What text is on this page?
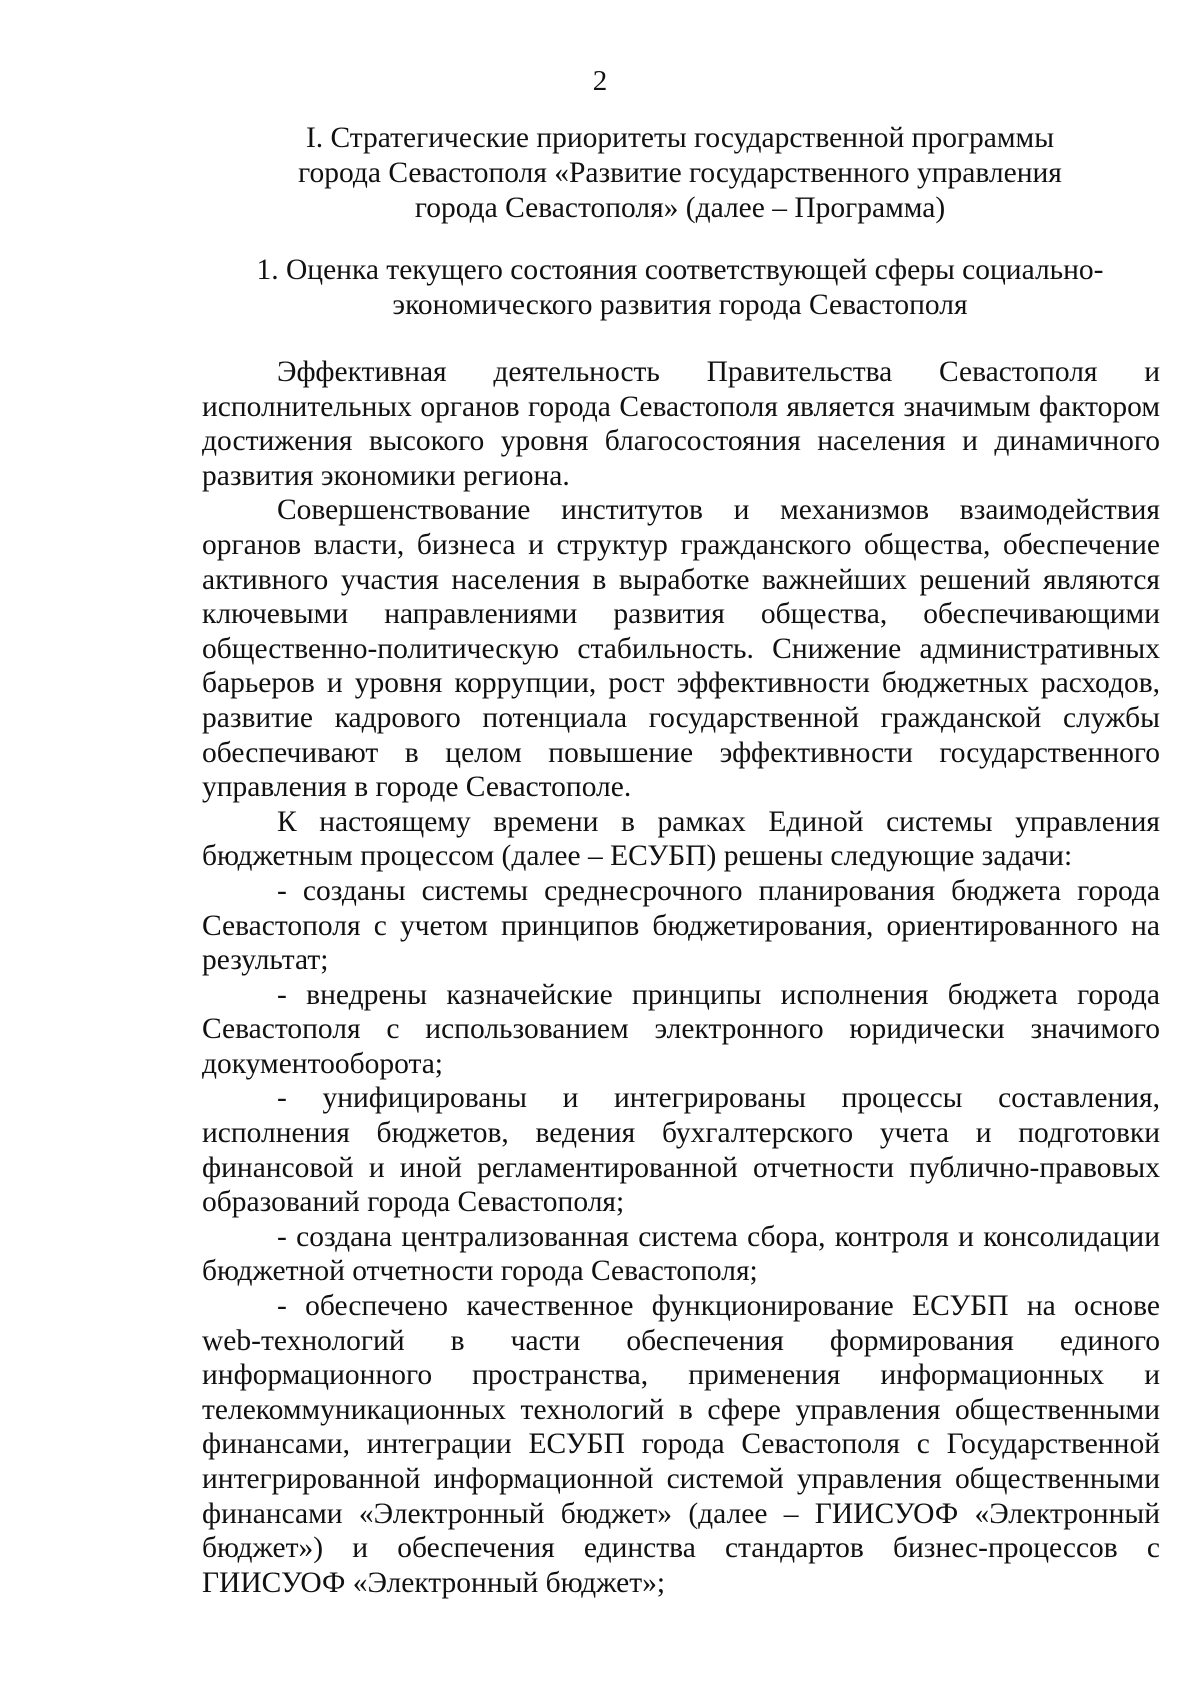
2
I. Стратегические приоритеты государственной программы
города Севастополя «Развитие государственного управления
города Севастополя» (далее – Программа)
1. Оценка текущего состояния соответствующей сферы социально-
экономического развития города Севастополя

Эффективная деятельность Правительства Севастополя и исполнительных органов города Севастополя является значимым фактором достижения высокого уровня благосостояния населения и динамичного развития экономики региона.

Совершенствование институтов и механизмов взаимодействия органов власти, бизнеса и структур гражданского общества, обеспечение активного участия населения в выработке важнейших решений являются ключевыми направлениями развития общества, обеспечивающими общественно-политическую стабильность. Снижение административных барьеров и уровня коррупции, рост эффективности бюджетных расходов, развитие кадрового потенциала государственной гражданской службы обеспечивают в целом повышение эффективности государственного управления в городе Севастополе.

К настоящему времени в рамках Единой системы управления бюджетным процессом (далее – ЕСУБП) решены следующие задачи:

- созданы системы среднесрочного планирования бюджета города Севастополя с учетом принципов бюджетирования, ориентированного на результат;

- внедрены казначейские принципы исполнения бюджета города Севастополя с использованием электронного юридически значимого документооборота;

- унифицированы и интегрированы процессы составления, исполнения бюджетов, ведения бухгалтерского учета и подготовки финансовой и иной регламентированной отчетности публично-правовых образований города Севастополя;

- создана централизованная система сбора, контроля и консолидации бюджетной отчетности города Севастополя;

- обеспечено качественное функционирование ЕСУБП на основе web-технологий в части обеспечения формирования единого информационного пространства, применения информационных и телекоммуникационных технологий в сфере управления общественными финансами, интеграции ЕСУБП города Севастополя с Государственной интегрированной информационной системой управления общественными финансами «Электронный бюджет» (далее – ГИИСУОФ «Электронный бюджет») и обеспечения единства стандартов бизнес-процессов с ГИИСУОФ «Электронный бюджет»;
